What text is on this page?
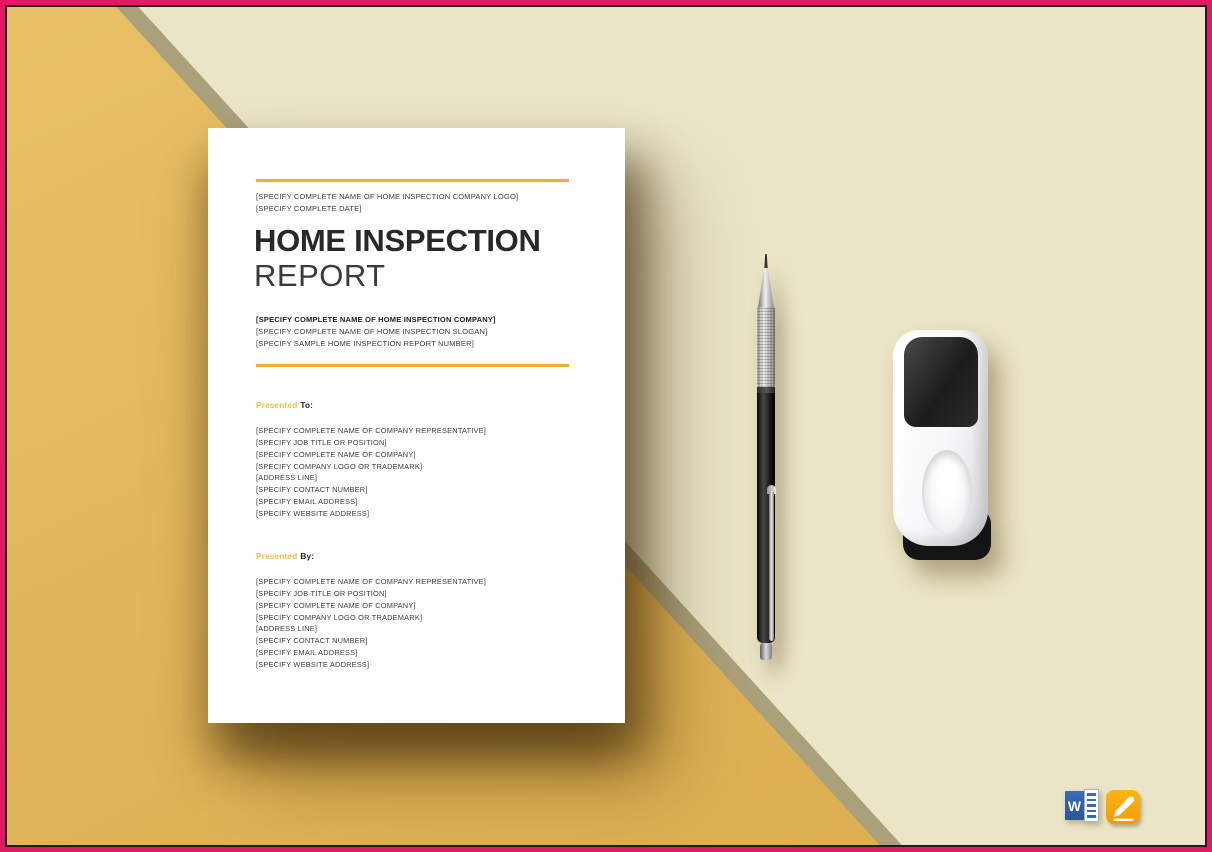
[SPECIFY COMPLETE NAME OF HOME INSPECTION COMPANY LOGO]
[SPECIFY COMPLETE DATE]
HOME INSPECTION
REPORT
[SPECIFY COMPLETE NAME OF HOME INSPECTION COMPANY]
[SPECIFY COMPLETE NAME OF HOME INSPECTION SLOGAN]
[SPECIFY SAMPLE HOME INSPECTION REPORT NUMBER]
Presented To:
[SPECIFY COMPLETE NAME OF COMPANY REPRESENTATIVE]
[SPECIFY JOB TITLE OR POSITION]
[SPECIFY COMPLETE NAME OF COMPANY]
[SPECIFY COMPANY LOGO OR TRADEMARK]
[ADDRESS LINE]
[SPECIFY CONTACT NUMBER]
[SPECIFY EMAIL ADDRESS]
[SPECIFY WEBSITE ADDRESS]
Presented By:
[SPECIFY COMPLETE NAME OF COMPANY REPRESENTATIVE]
[SPECIFY JOB TITLE OR POSITION]
[SPECIFY COMPLETE NAME OF COMPANY]
[SPECIFY COMPANY LOGO OR TRADEMARK]
[ADDRESS LINE]
[SPECIFY CONTACT NUMBER]
[SPECIFY EMAIL ADDRESS]
[SPECIFY WEBSITE ADDRESS]
W
